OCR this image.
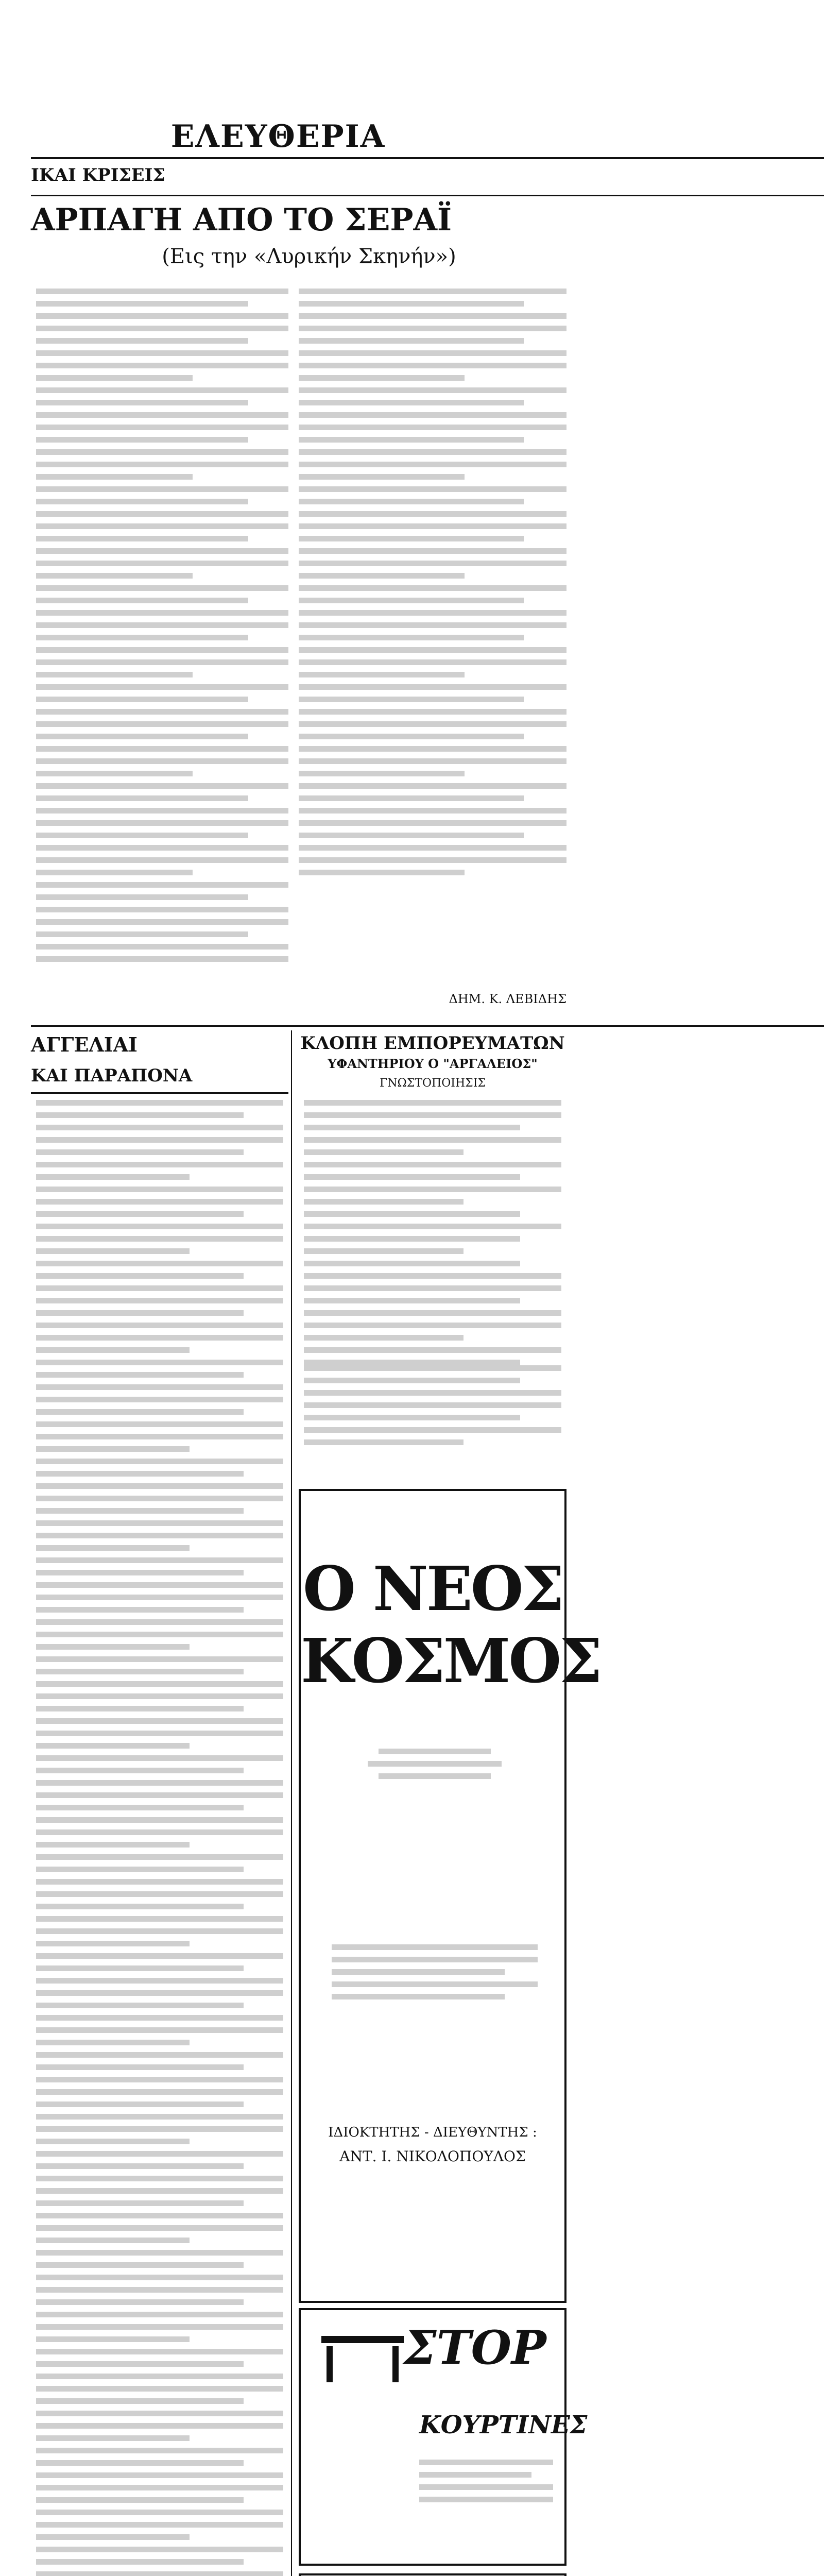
ΕΛΕΥΘΕΡΙΑ
ΙΚΑΙ ΚΡΙΣΕΙΣ
ΑΡΠΑΓΗ ΑΠΟ ΤΟ ΣΕΡΑΪ
(Εις την «Λυρικήν Σκηνήν»)
ΔΗΜ. Κ. ΛΕΒΙΔΗΣ
ΑΓΓΕΛΙΑΙ
ΚΑΙ ΠΑΡΑΠΟΝΑ
ΚΛΟΠΗ ΕΜΠΟΡΕΥΜΑΤΩΝ
ΥΦΑΝΤΗΡΙΟΥ Ο "ΑΡΓΑΛΕΙΟΣ"
ΓΝΩΣΤΟΠΟΙΗΣΙΣ
Ο ΝΕΟΣ ΚΟΣΜΟΣ
ΙΔΙΟΚΤΗΤΗΣ - ΔΙΕΥΘΥΝΤΗΣ :
ΑΝΤ. Ι. ΝΙΚΟΛΟΠΟΥΛΟΣ
ΣΤΟΡ
ΚΟΥΡΤΙΝΕΣ
